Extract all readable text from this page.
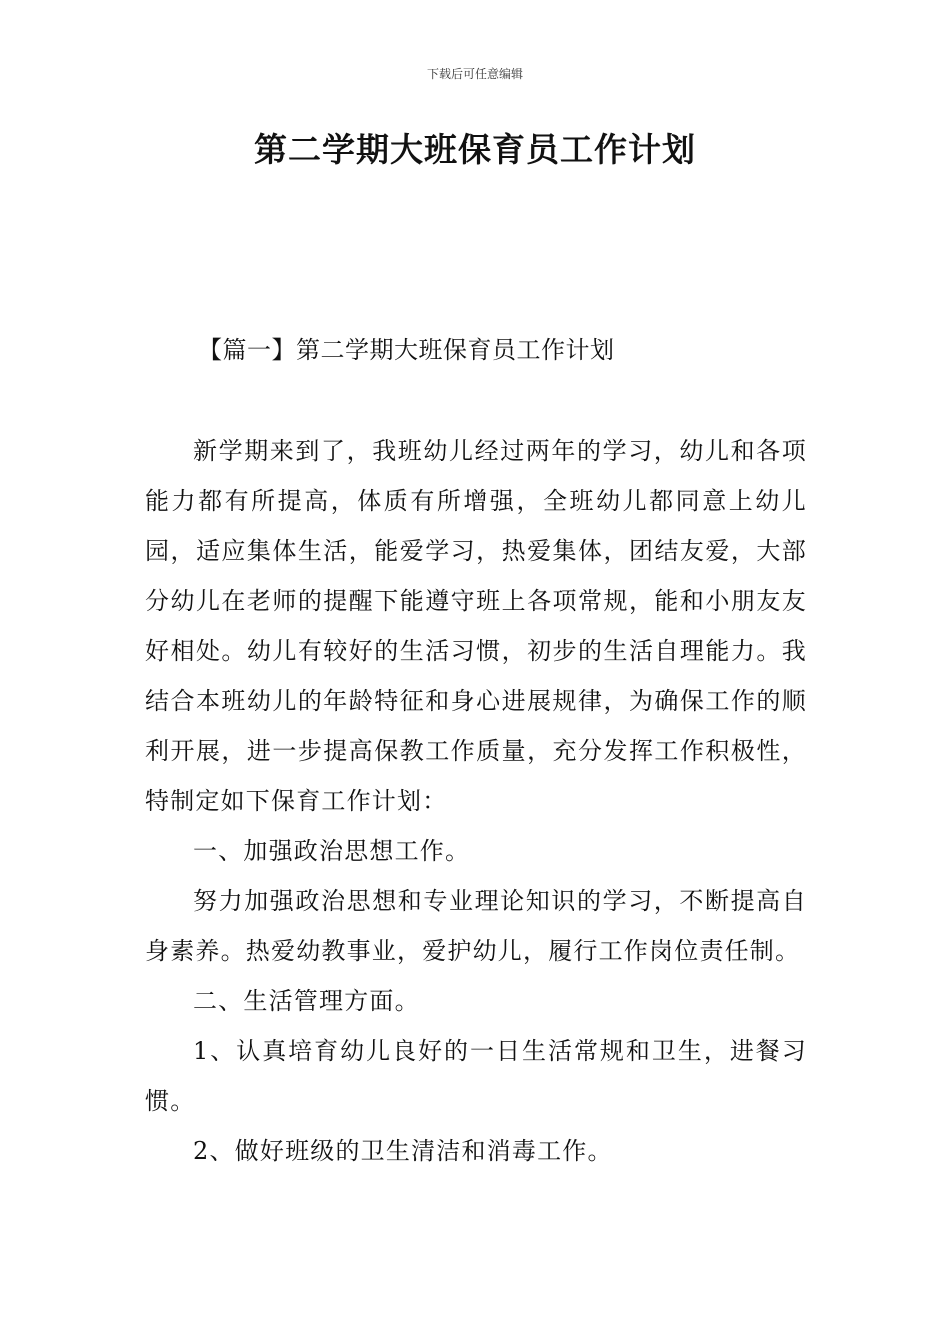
下载后可任意编辑
第二学期大班保育员工作计划
【篇一】第二学期大班保育员工作计划

新学期来到了，我班幼儿经过两年的学习，幼儿和各项能力都有所提高，体质有所增强，全班幼儿都同意上幼儿园，适应集体生活，能爱学习，热爱集体，团结友爱，大部分幼儿在老师的提醒下能遵守班上各项常规，能和小朋友友好相处。幼儿有较好的生活习惯，初步的生活自理能力。我结合本班幼儿的年龄特征和身心进展规律，为确保工作的顺利开展，进一步提高保教工作质量，充分发挥工作积极性，特制定如下保育工作计划：

一、加强政治思想工作。

努力加强政治思想和专业理论知识的学习，不断提高自身素养。热爱幼教事业，爱护幼儿，履行工作岗位责任制。

二、生活管理方面。

1、认真培育幼儿良好的一日生活常规和卫生，进餐习惯。

2、做好班级的卫生清洁和消毒工作。
